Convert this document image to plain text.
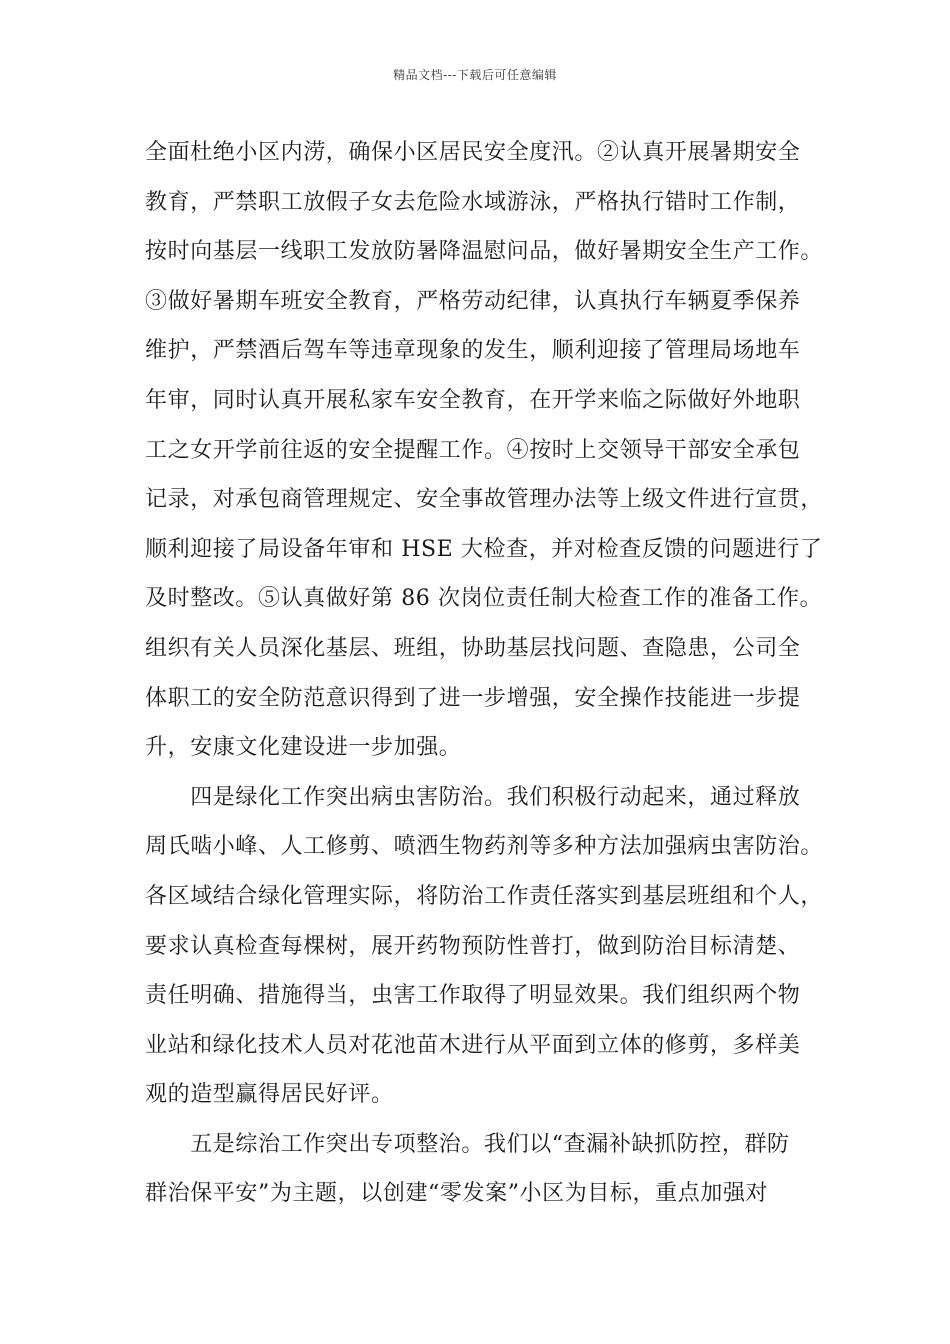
精品文档---下载后可任意编辑
全面杜绝小区内涝，确保小区居民安全度汛。②认真开展暑期安全
教育，严禁职工放假子女去危险水域游泳，严格执行错时工作制，
按时向基层一线职工发放防暑降温慰问品，做好暑期安全生产工作。
③做好暑期车班安全教育，严格劳动纪律，认真执行车辆夏季保养
维护，严禁酒后驾车等违章现象的发生，顺利迎接了管理局场地车
年审，同时认真开展私家车安全教育，在开学来临之际做好外地职
工之女开学前往返的安全提醒工作。④按时上交领导干部安全承包
记录，对承包商管理规定、安全事故管理办法等上级文件进行宣贯，
顺利迎接了局设备年审和 HSE 大检查，并对检查反馈的问题进行了
及时整改。⑤认真做好第 86 次岗位责任制大检查工作的准备工作。
组织有关人员深化基层、班组，协助基层找问题、查隐患，公司全
体职工的安全防范意识得到了进一步增强，安全操作技能进一步提
升，安康文化建设进一步加强。
　　四是绿化工作突出病虫害防治。我们积极行动起来，通过释放
周氏啮小峰、人工修剪、喷洒生物药剂等多种方法加强病虫害防治。
各区域结合绿化管理实际，将防治工作责任落实到基层班组和个人，
要求认真检查每棵树，展开药物预防性普打，做到防治目标清楚、
责任明确、措施得当，虫害工作取得了明显效果。我们组织两个物
业站和绿化技术人员对花池苗木进行从平面到立体的修剪，多样美
观的造型赢得居民好评。
　　五是综治工作突出专项整治。我们以“查漏补缺抓防控，群防
群治保平安”为主题，以创建“零发案”小区为目标，重点加强对
